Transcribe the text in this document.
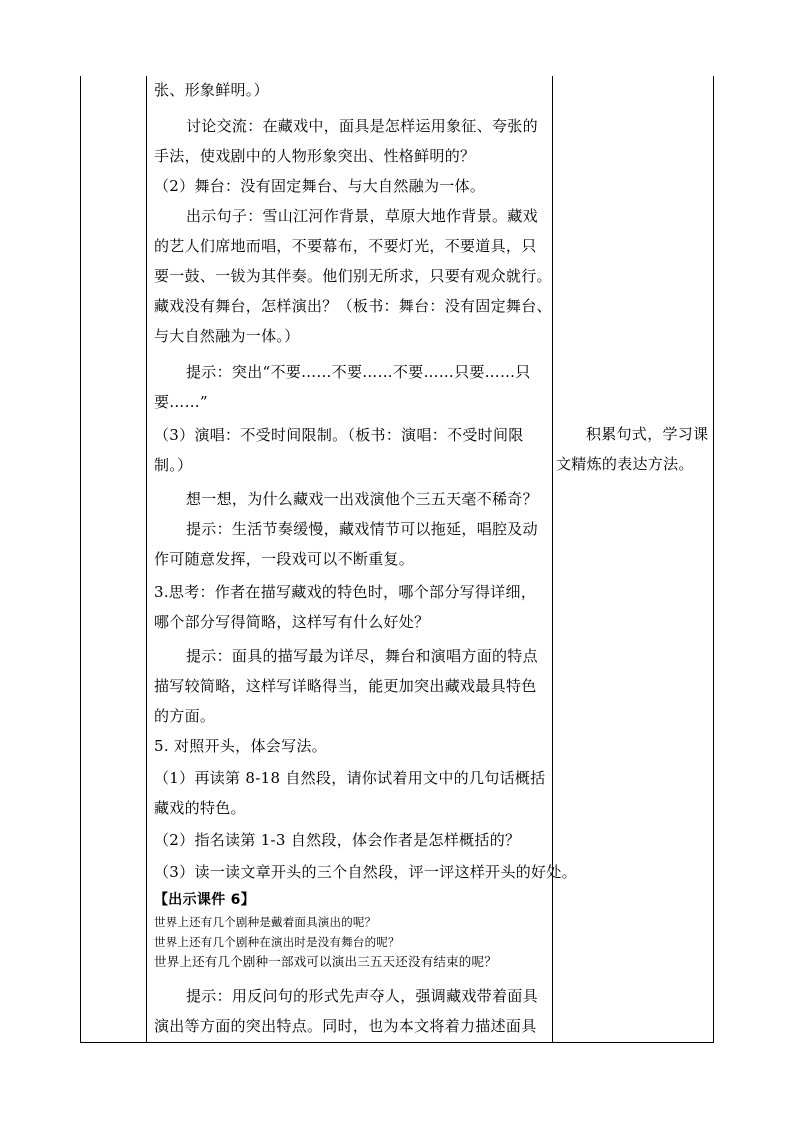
张、形象鲜明。）
讨论交流：在藏戏中，面具是怎样运用象征、夸张的
手法，使戏剧中的人物形象突出、性格鲜明的？
（2）舞台：没有固定舞台、与大自然融为一体。
出示句子：雪山江河作背景，草原大地作背景。藏戏
的艺人们席地而唱，不要幕布，不要灯光，不要道具，只
要一鼓、一钹为其伴奏。他们别无所求，只要有观众就行。
藏戏没有舞台，怎样演出？（板书：舞台：没有固定舞台、
与大自然融为一体。）
提示：突出“不要……不要……不要……只要……只
要……”
（3）演唱：不受时间限制。（板书：演唱：不受时间限
制。）
想一想，为什么藏戏一出戏演他个三五天毫不稀奇？
提示：生活节奏缓慢，藏戏情节可以拖延，唱腔及动
作可随意发挥，一段戏可以不断重复。
3.思考：作者在描写藏戏的特色时，哪个部分写得详细，
哪个部分写得简略，这样写有什么好处？
提示：面具的描写最为详尽，舞台和演唱方面的特点
描写较简略，这样写详略得当，能更加突出藏戏最具特色
的方面。
5. 对照开头，体会写法。
（1）再读第 8-18 自然段，请你试着用文中的几句话概括
藏戏的特色。
（2）指名读第 1-3 自然段，体会作者是怎样概括的？
（3）读一读文章开头的三个自然段，评一评这样开头的好处。
【出示课件 6】
世界上还有几个剧种是戴着面具演出的呢？
世界上还有几个剧种在演出时是没有舞台的呢？
世界上还有几个剧种一部戏可以演出三五天还没有结束的呢？
提示：用反问句的形式先声夺人，强调藏戏带着面具
演出等方面的突出特点。同时，也为本文将着力描述面具
积累句式，学习课
文精炼的表达方法。
